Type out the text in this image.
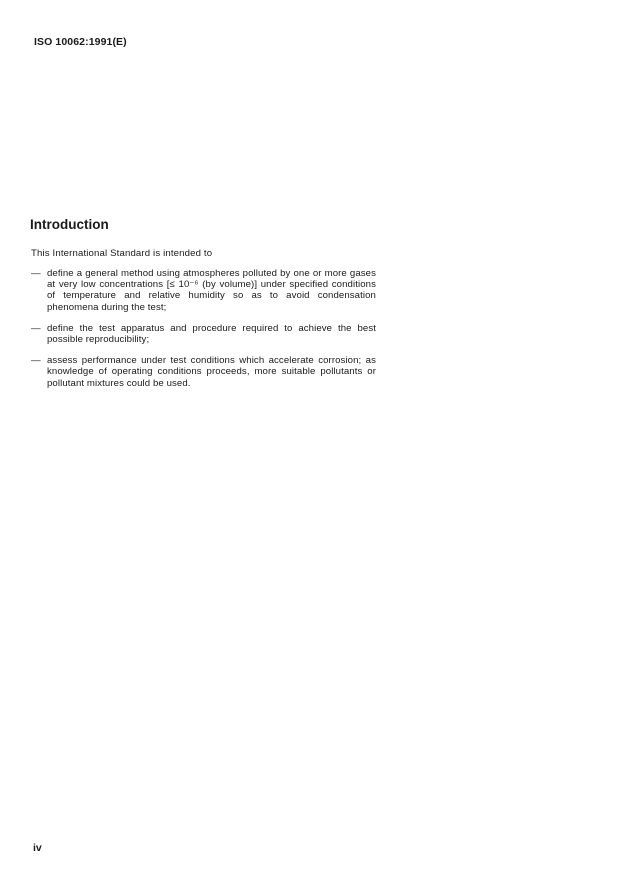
ISO 10062:1991(E)
Introduction
This International Standard is intended to
— define a general method using atmospheres polluted by one or more gases at very low concentrations [≤ 10⁻⁶ (by volume)] under specified conditions of temperature and relative humidity so as to avoid condensation phenomena during the test;
— define the test apparatus and procedure required to achieve the best possible reproducibility;
— assess performance under test conditions which accelerate corrosion; as knowledge of operating conditions proceeds, more suitable pollutants or pollutant mixtures could be used.
iv
